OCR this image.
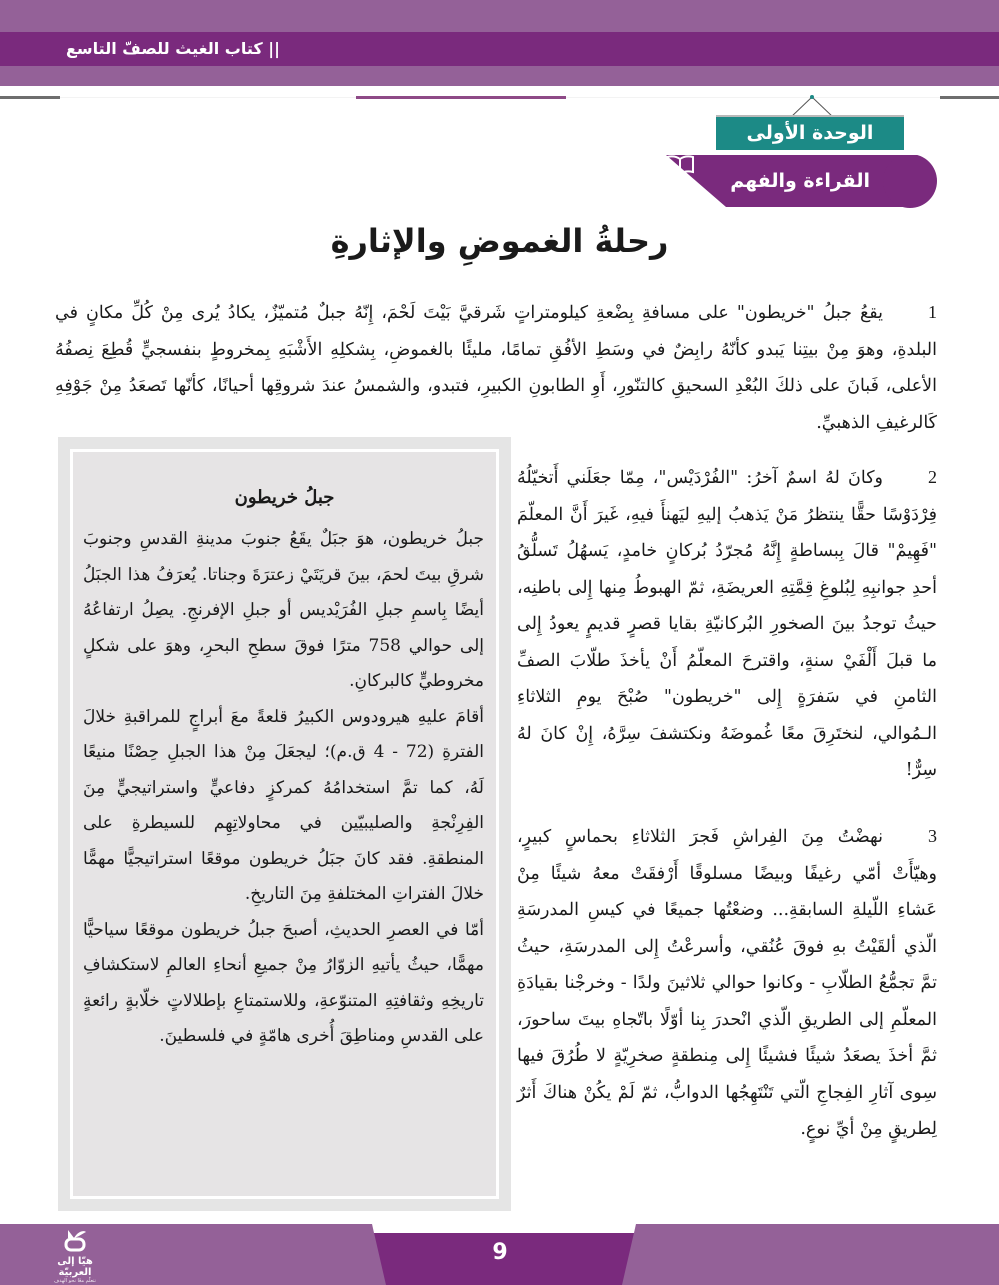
|| كتاب الغيث للصفّ التاسع
الوحدة الأولى
القراءة والفهم
رحلةُ الغموضِ والإثارةِ
1يقعُ جبلُ "خريطون" على مسافةِ بِضْعةِ كيلومتراتٍ شَرقيَّ بَيْتَ لَحْمَ، إِنّهُ جبلٌ مُتميّزٌ، يكادُ يُرى مِنْ كُلِّ مكانٍ في البلدةِ، وهوَ مِنْ بيتِنا يَبدو كأنّهُ رابِضٌ في وسَطِ الأفُقِ تمامًا، مليئًا بالغموضِ، بِشكلِهِ الأَشْبَهِ بِمخروطٍ بنفسجيٍّ قُطِعَ نِصفُهُ الأعلى، فَبانَ على ذلكَ البُعْدِ السحيقِ كالتنّورِ، أَوِ الطابونِ الكبيرِ، فتبدو، والشمسُ عندَ شروقِها أحيانًا، كأنّها تَصعَدُ مِنْ جَوْفِهِ كَالرغيفِ الذهبيِّ.
2وكانَ لهُ اسمٌ آخرُ: "الفُرْدَيْس"، مِمّا جعَلَني أَتخيّلُهُ فِرْدَوْسًا حقًّا ينتظرُ مَنْ يَذهبُ إليهِ ليَهنأَ فيهِ، غَيرَ أَنَّ المعلّمَ "فَهِيمْ" قالَ بِبساطةٍ إِنَّهُ مُجرّدُ بُركانٍ خامدٍ، يَسهُلُ تَسلُّقُ أحدِ جوانبِهِ لِبُلوغِ قِمَّتِهِ العريضَةِ، ثمّ الهبوطُ مِنها إِلى باطنِه، حيثُ توجدُ بينَ الصخورِ البُركانيّةِ بقايا قصرٍ قديمٍ يعودُ إِلى ما قبلَ أَلْفَيْ سنةٍ، واقترحَ المعلّمُ أَنْ يأخذَ طلّابَ الصفِّ الثامنِ في سَفرَةٍ إِلى "خريطون" صُبْحَ يومِ الثلاثاءِ الـمُوالي، لنختَرِقَ معًا غُموضَهُ ونكتشفَ سِرَّهُ، إِنْ كانَ لهُ سِرٌّ!
3نهضْتُ مِنَ الفِراشِ فَجرَ الثلاثاءِ بحماسٍ كبيرٍ، وهيّأَتْ أمّي رغيفًا وبيضًا مسلوقًا أَرْفقَتْ معهُ شيئًا مِنْ عَشاءِ اللّيلةِ السابقةِ... وضعْتُها جميعًا في كيسِ المدرسَةِ الّذي ألقَيْتُ بهِ فوقَ عُنُقي، وأسرعْتُ إِلى المدرسَةِ، حيثُ تمَّ تجمُّعُ الطلّابِ - وكانوا حوالي ثلاثينَ ولدًا - وخرجْنا بقيادَةِ المعلّمِ إلى الطريقِ الّذي انْحدرَ بِنا أوّلًا باتّجاهِ بيتَ ساحورَ، ثمَّ أخذَ يصعَدُ شيئًا فشيئًا إِلى مِنطقةٍ صخرِيّةٍ لا طُرُقَ فيها سِوى آثارِ الفِجاجِ الّتي تَنْتَهِجُها الدوابُّ، ثمّ لَمْ يكُنْ هناكَ أَثرٌ لِطريقٍ مِنْ أيِّ نوعٍ.
جبلُ خريطون

جبلُ خريطون، هوَ جبَلٌ يقَعُ جنوبَ مدينةِ القدسِ وجنوبَ شرقِ بيتَ لحمَ، بينَ قريَتَيْ زعترَةَ وجناتا. يُعرَفُ هذا الجبَلُ أيضًا بِاسمِ جبلِ الفُرَيْديس أو جبلِ الإفرنجِ. يصِلُ ارتفاعُهُ إلى حوالي 758 مترًا فوقَ سطحِ البحرِ، وهوَ على شكلٍ مخروطيٍّ كالبركانِ.

أقامَ عليهِ هيرودوس الكبيرُ قلعةً معَ أبراجٍ للمراقبةِ خلالَ الفترةِ (72 - 4 ق.م)؛ ليجعَلَ مِنْ هذا الجبلِ حِصْنًا منيعًا لَهُ، كما تمَّ استخدامُهُ كمركزٍ دفاعيٍّ واستراتيجيٍّ مِنَ الفِرِنْجةِ والصليبيّين في محاولاتِهِم للسيطرةِ على المنطقةِ. فقد كانَ جبَلُ خريطون موقعًا استراتيجيًّا مهمًّا خلالَ الفتراتِ المختلفةِ مِنَ التاريخِ.

أمّا في العصرِ الحديثِ، أصبحَ جبلُ خريطون موقعًا سياحيًّا مهمًّا، حيثُ يأتيهِ الزوّارُ مِنْ جميعِ أنحاءِ العالمِ لاستكشافِ تاريخِهِ وثقافتِهِ المتنوّعةِ، وللاستمتاعِ بإطلالاتٍ خلّابةٍ رائعةٍ على القدسِ ومناطِقَ أُخرى هامّةٍ في فلسطينَ.

9
هيّا إلى العربيّة
نتعلّم معًا نحو الهدف
